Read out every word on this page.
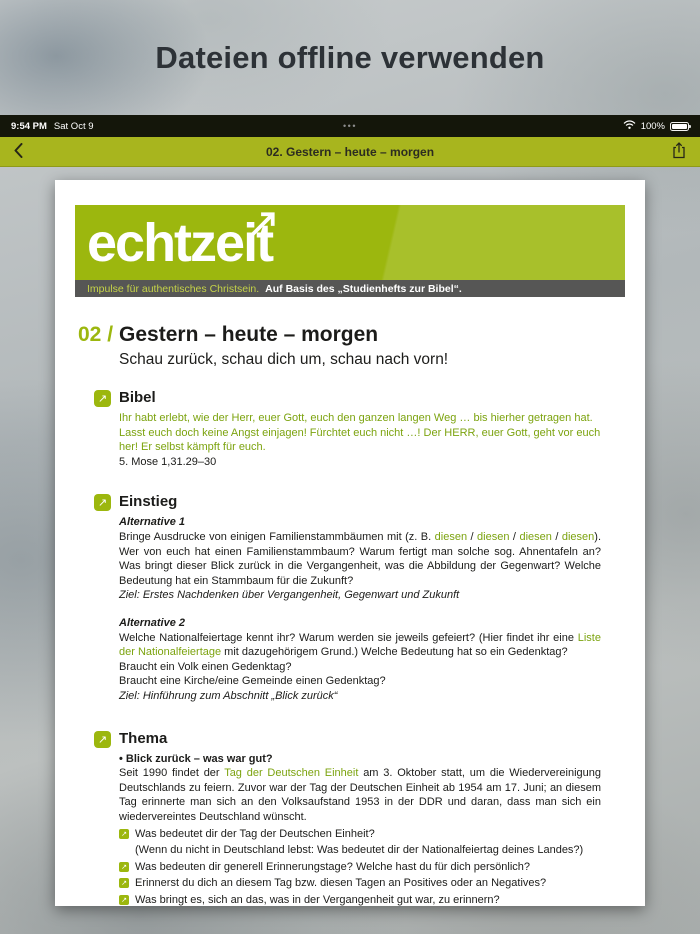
Dateien offline verwenden
9:54 PM Sat Oct 9	•••	100%
02. Gestern – heute – morgen
echtzeit
Impulse für authentisches Christsein. Auf Basis des „Studienhefts zur Bibel“.
02 / Gestern – heute – morgen
Schau zurück, schau dich um, schau nach vorn!
↗ Bibel
Ihr habt erlebt, wie der Herr, euer Gott, euch den ganzen langen Weg … bis hierher getragen hat. Lasst euch doch keine Angst einjagen! Fürchtet euch nicht …! Der HERR, euer Gott, geht vor euch her! Er selbst kämpft für euch.
5. Mose 1,31.29–30
↗ Einstieg
Alternative 1
Bringe Ausdrucke von einigen Familienstammbäumen mit (z. B. diesen / diesen / diesen / diesen). Wer von euch hat einen Familienstammbaum? Warum fertigt man solche sog. Ahnentafeln an? Was bringt dieser Blick zurück in die Vergangenheit, was die Abbildung der Gegenwart? Welche Bedeutung hat ein Stammbaum für die Zukunft?
Ziel: Erstes Nachdenken über Vergangenheit, Gegenwart und Zukunft
Alternative 2
Welche Nationalfeiertage kennt ihr? Warum werden sie jeweils gefeiert? (Hier findet ihr eine Liste der Nationalfeiertage mit dazugehörigem Grund.) Welche Bedeutung hat so ein Gedenktag?
Braucht ein Volk einen Gedenktag?
Braucht eine Kirche/eine Gemeinde einen Gedenktag?
Ziel: Hinführung zum Abschnitt „Blick zurück“
↗ Thema
• Blick zurück – was war gut?
Seit 1990 findet der Tag der Deutschen Einheit am 3. Oktober statt, um die Wiedervereinigung Deutschlands zu feiern. Zuvor war der Tag der Deutschen Einheit ab 1954 am 17. Juni; an diesem Tag erinnerte man sich an den Volksaufstand 1953 in der DDR und daran, dass man sich ein wiedervereintes Deutschland wünscht.
↗ Was bedeutet dir der Tag der Deutschen Einheit?
(Wenn du nicht in Deutschland lebst: Was bedeutet dir der Nationalfeiertag deines Landes?)
↗ Was bedeuten dir generell Erinnerungstage? Welche hast du für dich persönlich?
↗ Erinnerst du dich an diesem Tag bzw. diesen Tagen an Positives oder an Negatives?
↗ Was bringt es, sich an das, was in der Vergangenheit gut war, zu erinnern?
